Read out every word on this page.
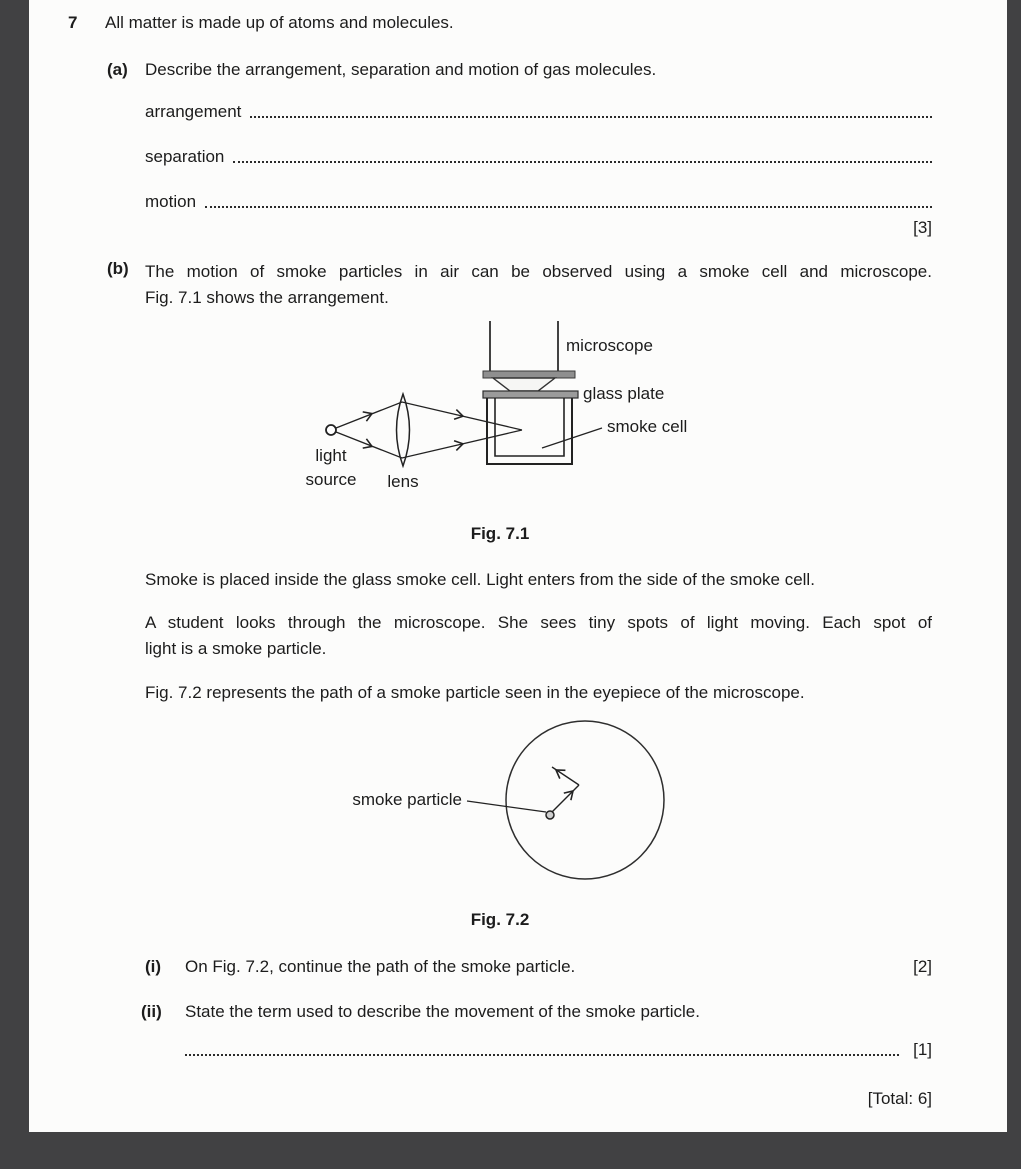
7 All matter is made up of atoms and molecules.
(a) Describe the arrangement, separation and motion of gas molecules.
arrangement
separation
motion
[3]
(b) The motion of smoke particles in air can be observed using a smoke cell and microscope.
Fig. 7.1 shows the arrangement.
microscope
glass plate
smoke cell
light source	lens
Fig. 7.1
Smoke is placed inside the glass smoke cell. Light enters from the side of the smoke cell.
A student looks through the microscope. She sees tiny spots of light moving. Each spot of
light is a smoke particle.
Fig. 7.2 represents the path of a smoke particle seen in the eyepiece of the microscope.
smoke particle
Fig. 7.2
(i)	On Fig. 7.2, continue the path of the smoke particle.	[2]
(ii)	State the term used to describe the movement of the smoke particle.
[1]
[Total: 6]
